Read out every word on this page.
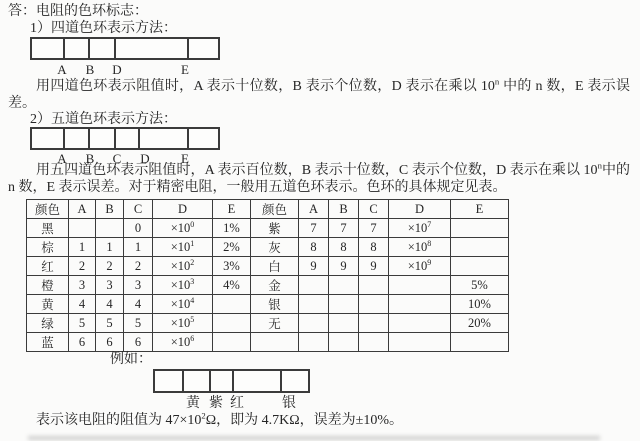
答：电阻的色环标志：
1）四道色环表示方法：
A B D	E

用四道色环表示阻值时，A 表示十位数，B 表示个位数，D 表示在乘以 10$^n$ 中的 n 数，E 表示误差。

2）五道色环表示方法：
A B C D E

用五四道色环表示阻值时，A 表示百位数，B 表示十位数，C 表示个位数，D 表示在乘以 10$^n$中的 n 数，E 表示误差。对于精密电阻，一般用五道色环表示。色环的具体规定见表。

颜色	A	B	C	D	E	颜色	A	B	C	D	E
黑			0	$\times 10^0$	1%	紫	7	7	7	$\times 10^7$	
棕	1	1	1	$\times 10^1$	2%	灰	8	8	8	$\times 10^8$	
红	2	2	2	$\times 10^2$	3%	白	9	9	9	$\times 10^9$	
橙	3	3	3	$\times 10^3$	4%	金					5%
黄	4	4	4	$\times 10^4$		银					10%
绿	5	5	5	$\times 10^5$		无					20%
蓝	6	6	6	$\times 10^6$							
例如：
黄 紫 红	银

表示该电阻的阻值为 $47\times 10^2\Omega$，即为 4.7KΩ，误差为±10%。
